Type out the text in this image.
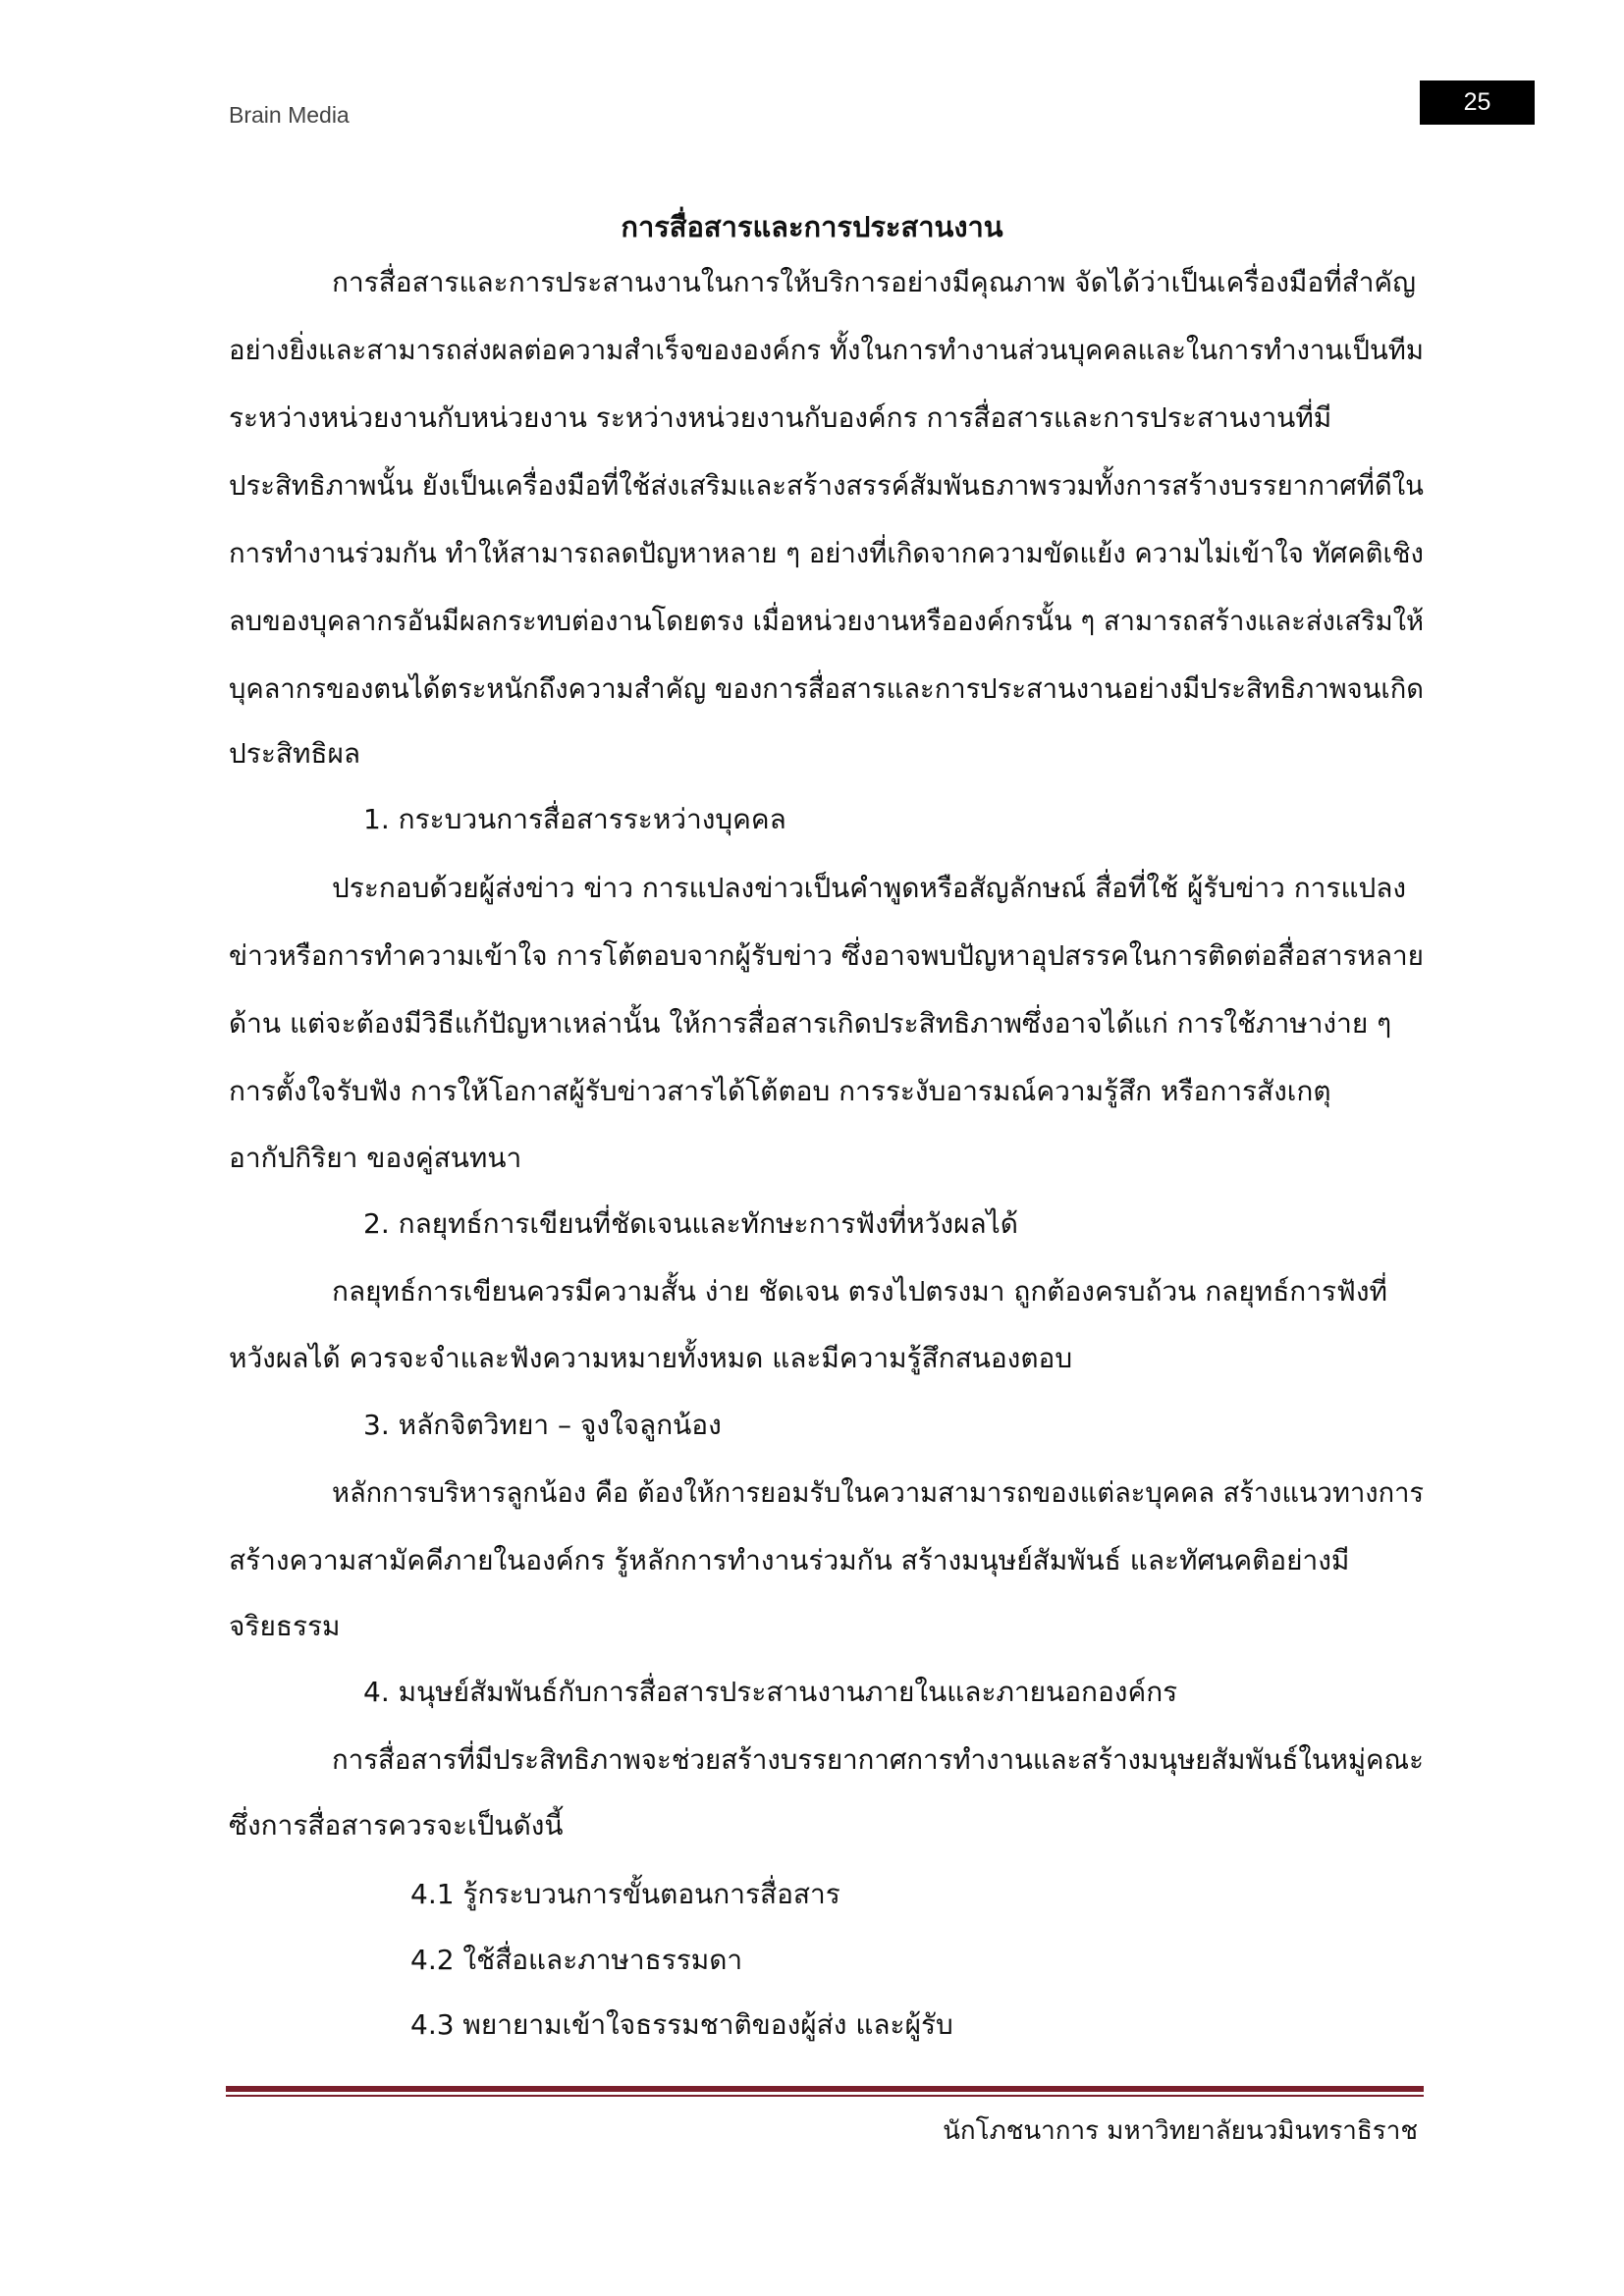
Brain Media	25
การสื่อสารและการประสานงาน
การสื่อสารและการประสานงานในการให้บริการอย่างมีคุณภาพ จัดได้ว่าเป็นเครื่องมือที่สำคัญ
อย่างยิ่งและสามารถส่งผลต่อความสำเร็จขององค์กร ทั้งในการทำงานส่วนบุคคลและในการทำงานเป็นทีม
ระหว่างหน่วยงานกับหน่วยงาน ระหว่างหน่วยงานกับองค์กร การสื่อสารและการประสานงานที่มี
ประสิทธิภาพนั้น ยังเป็นเครื่องมือที่ใช้ส่งเสริมและสร้างสรรค์สัมพันธภาพรวมทั้งการสร้างบรรยากาศที่ดีใน
การทำงานร่วมกัน ทำให้สามารถลดปัญหาหลาย ๆ อย่างที่เกิดจากความขัดแย้ง ความไม่เข้าใจ ทัศคติเชิง
ลบของบุคลากรอันมีผลกระทบต่องานโดยตรง เมื่อหน่วยงานหรือองค์กรนั้น ๆ สามารถสร้างและส่งเสริมให้
บุคลากรของตนได้ตระหนักถึงความสำคัญ ของการสื่อสารและการประสานงานอย่างมีประสิทธิภาพจนเกิด
ประสิทธิผล
1. กระบวนการสื่อสารระหว่างบุคคล
ประกอบด้วยผู้ส่งข่าว ข่าว การแปลงข่าวเป็นคำพูดหรือสัญลักษณ์ สื่อที่ใช้ ผู้รับข่าว การแปลง
ข่าวหรือการทำความเข้าใจ การโต้ตอบจากผู้รับข่าว ซึ่งอาจพบปัญหาอุปสรรคในการติดต่อสื่อสารหลาย
ด้าน แต่จะต้องมีวิธีแก้ปัญหาเหล่านั้น ให้การสื่อสารเกิดประสิทธิภาพซึ่งอาจได้แก่ การใช้ภาษาง่าย ๆ
การตั้งใจรับฟัง การให้โอกาสผู้รับข่าวสารได้โต้ตอบ การระงับอารมณ์ความรู้สึก หรือการสังเกตุ
อากัปกิริยา ของคู่สนทนา
2. กลยุทธ์การเขียนที่ชัดเจนและทักษะการฟังที่หวังผลได้
กลยุทธ์การเขียนควรมีความสั้น ง่าย ชัดเจน ตรงไปตรงมา ถูกต้องครบถ้วน กลยุทธ์การฟังที่
หวังผลได้ ควรจะจำและฟังความหมายทั้งหมด และมีความรู้สึกสนองตอบ
3. หลักจิตวิทยา – จูงใจลูกน้อง
หลักการบริหารลูกน้อง คือ ต้องให้การยอมรับในความสามารถของแต่ละบุคคล สร้างแนวทางการ
สร้างความสามัคคีภายในองค์กร รู้หลักการทำงานร่วมกัน สร้างมนุษย์สัมพันธ์ และทัศนคติอย่างมี
จริยธรรม
4. มนุษย์สัมพันธ์กับการสื่อสารประสานงานภายในและภายนอกองค์กร
การสื่อสารที่มีประสิทธิภาพจะช่วยสร้างบรรยากาศการทำงานและสร้างมนุษยสัมพันธ์ในหมู่คณะ
ซึ่งการสื่อสารควรจะเป็นดังนี้
4.1 รู้กระบวนการขั้นตอนการสื่อสาร
4.2 ใช้สื่อและภาษาธรรมดา
4.3 พยายามเข้าใจธรรมชาติของผู้ส่ง และผู้รับ
นักโภชนาการ มหาวิทยาลัยนวมินทราธิราช
